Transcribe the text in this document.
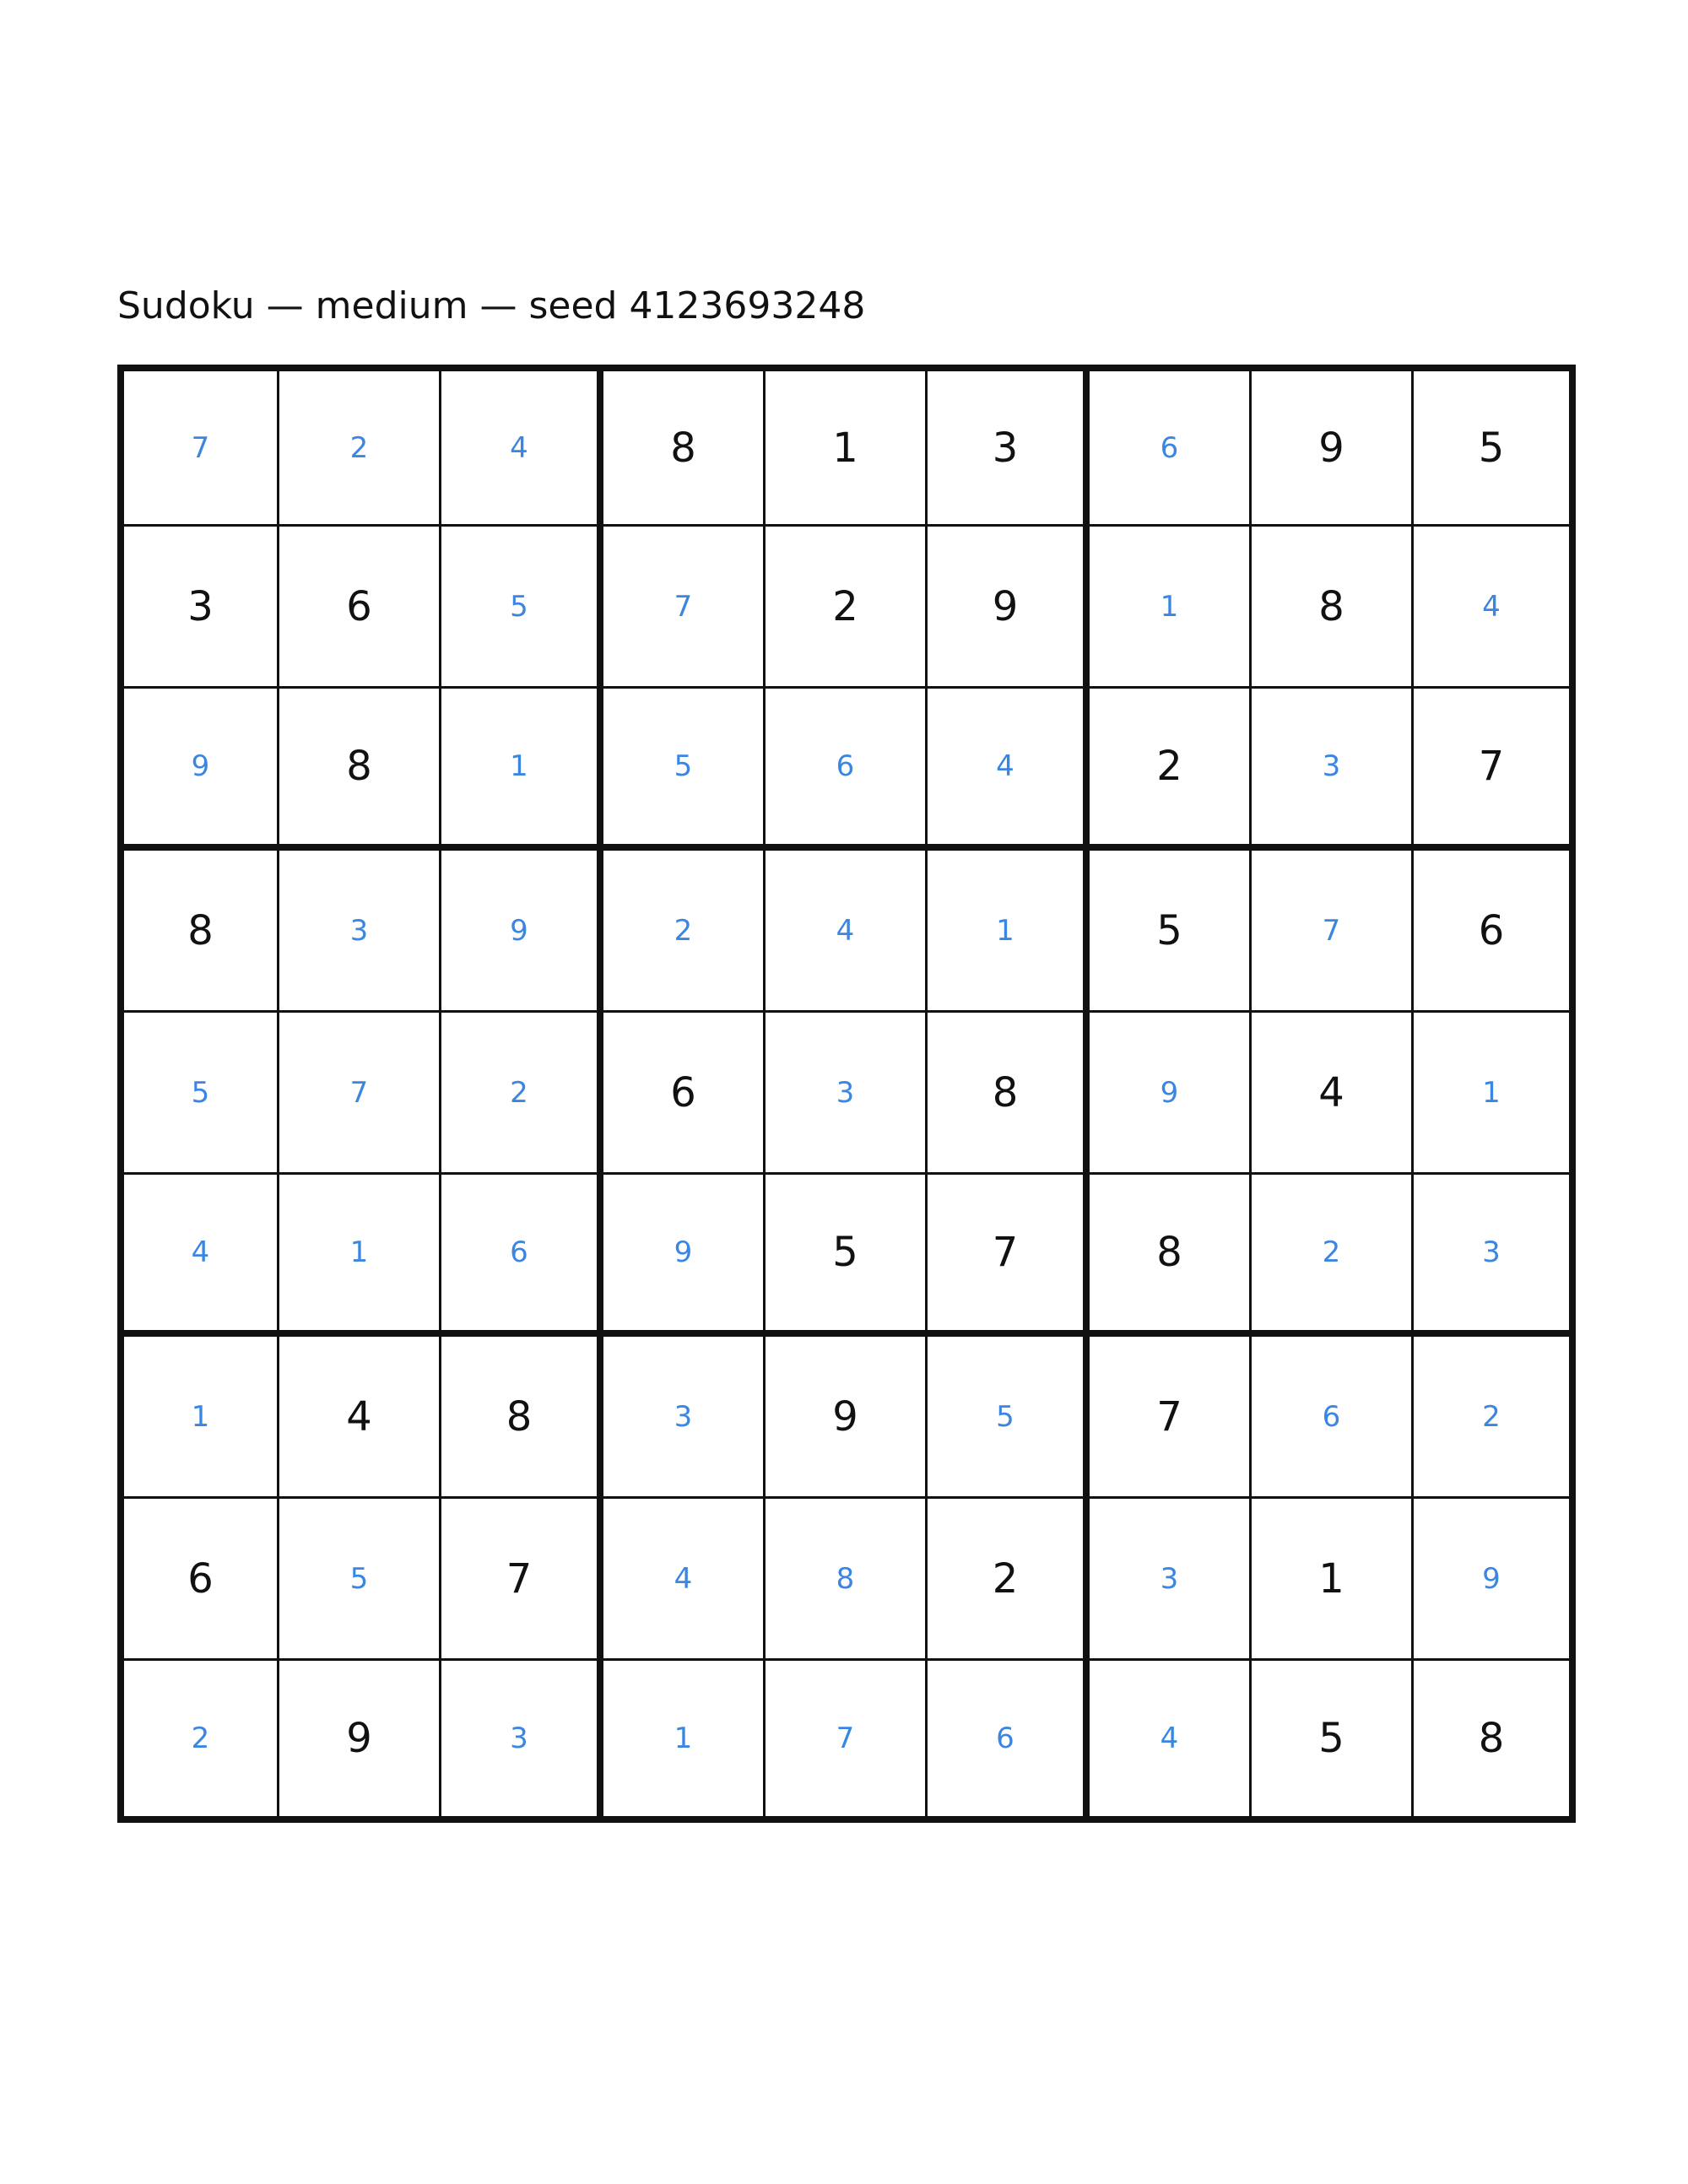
Sudoku — medium — seed 4123693248
7	2	4	8	1	3	6	9	5
3	6	5	7	2	9	1	8	4
9	8	1	5	6	4	2	3	7
8	3	9	2	4	1	5	7	6
5	7	2	6	3	8	9	4	1
4	1	6	9	5	7	8	2	3
1	4	8	3	9	5	7	6	2
6	5	7	4	8	2	3	1	9
2	9	3	1	7	6	4	5	8
